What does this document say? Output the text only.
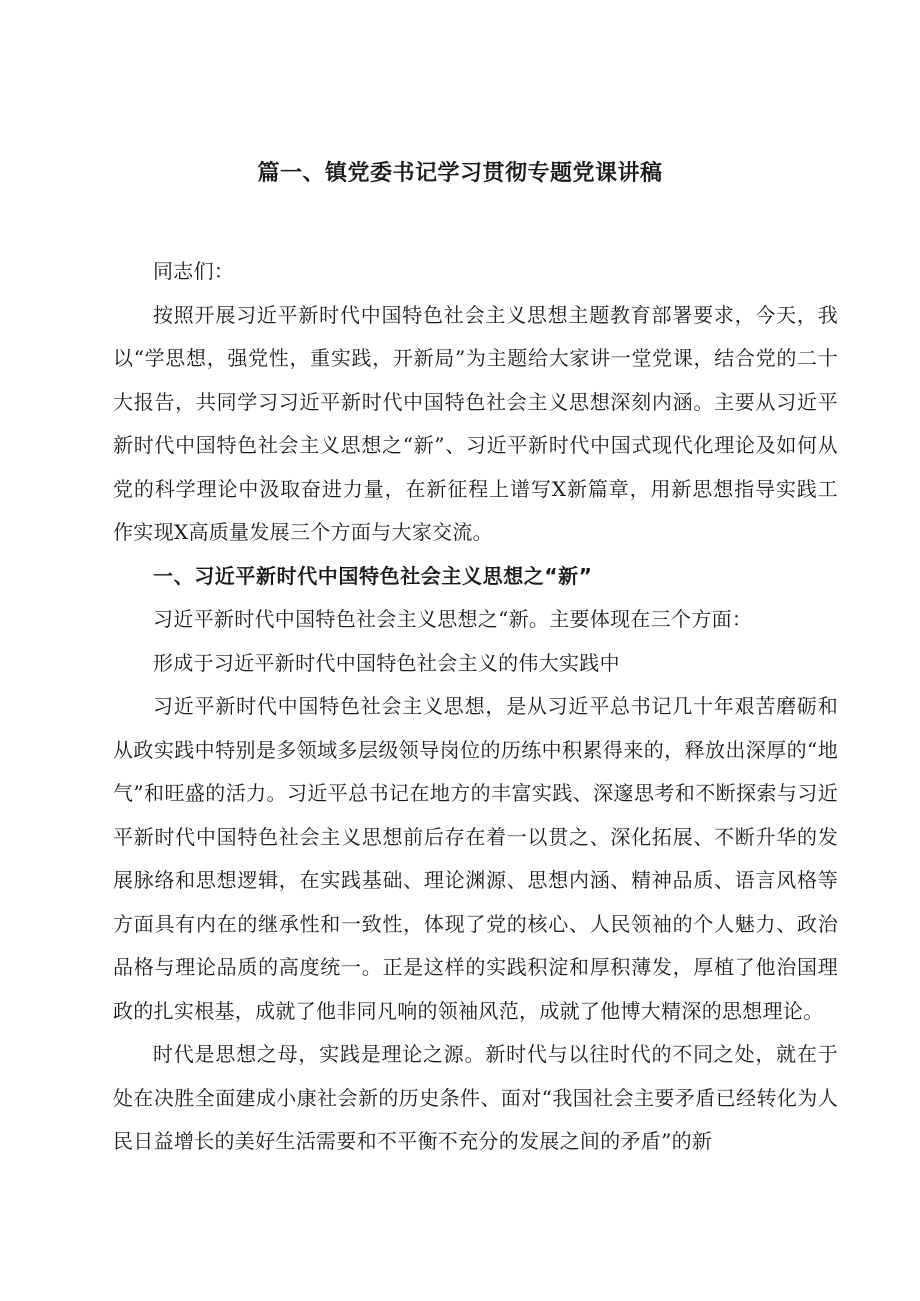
篇一、镇党委书记学习贯彻专题党课讲稿

同志们：

按照开展习近平新时代中国特色社会主义思想主题教育部署要求，今天，我以“学思想，强党性，重实践，开新局”为主题给大家讲一堂党课，结合党的二十大报告，共同学习习近平新时代中国特色社会主义思想深刻内涵。主要从习近平新时代中国特色社会主义思想之“新”、习近平新时代中国式现代化理论及如何从党的科学理论中汲取奋进力量，在新征程上谱写X新篇章，用新思想指导实践工作实现X高质量发展三个方面与大家交流。

一、习近平新时代中国特色社会主义思想之“新”

习近平新时代中国特色社会主义思想之“新。主要体现在三个方面：

形成于习近平新时代中国特色社会主义的伟大实践中

习近平新时代中国特色社会主义思想，是从习近平总书记几十年艰苦磨砺和从政实践中特别是多领域多层级领导岗位的历练中积累得来的，释放出深厚的“地气”和旺盛的活力。习近平总书记在地方的丰富实践、深邃思考和不断探索与习近平新时代中国特色社会主义思想前后存在着一以贯之、深化拓展、不断升华的发展脉络和思想逻辑，在实践基础、理论渊源、思想内涵、精神品质、语言风格等方面具有内在的继承性和一致性，体现了党的核心、人民领袖的个人魅力、政治品格与理论品质的高度统一。正是这样的实践积淀和厚积薄发，厚植了他治国理政的扎实根基，成就了他非同凡响的领袖风范，成就了他博大精深的思想理论。

时代是思想之母，实践是理论之源。新时代与以往时代的不同之处，就在于处在决胜全面建成小康社会新的历史条件、面对“我国社会主要矛盾已经转化为人民日益增长的美好生活需要和不平衡不充分的发展之间的矛盾”的新
